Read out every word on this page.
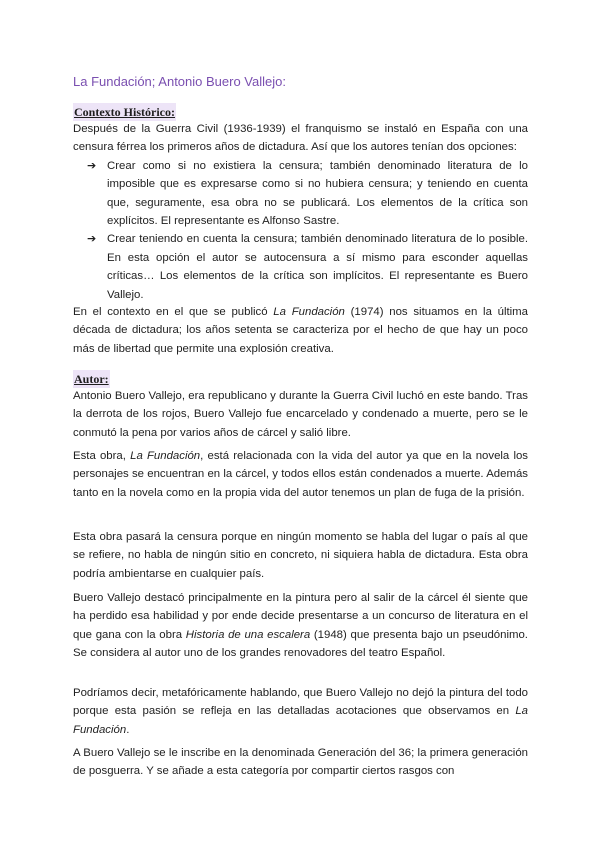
La Fundación; Antonio Buero Vallejo:
Contexto Histórico:

Después de la Guerra Civil (1936-1939) el franquismo se instaló en España con una censura férrea los primeros años de dictadura. Así que los autores tenían dos opciones:

➔ Crear como si no existiera la censura; también denominado literatura de lo imposible que es expresarse como si no hubiera censura; y teniendo en cuenta que, seguramente, esa obra no se publicará. Los elementos de la crítica son explícitos. El representante es Alfonso Sastre.
➔ Crear teniendo en cuenta la censura; también denominado literatura de lo posible. En esta opción el autor se autocensura a sí mismo para esconder aquellas críticas… Los elementos de la crítica son implícitos. El representante es Buero Vallejo.

En el contexto en el que se publicó La Fundación (1974) nos situamos en la última década de dictadura; los años setenta se caracteriza por el hecho de que hay un poco más de libertad que permite una explosión creativa.

Autor:

Antonio Buero Vallejo, era republicano y durante la Guerra Civil luchó en este bando. Tras la derrota de los rojos, Buero Vallejo fue encarcelado y condenado a muerte, pero se le conmutó la pena por varios años de cárcel y salió libre.

Esta obra, La Fundación, está relacionada con la vida del autor ya que en la novela los personajes se encuentran en la cárcel, y todos ellos están condenados a muerte. Además tanto en la novela como en la propia vida del autor tenemos un plan de fuga de la prisión.

Esta obra pasará la censura porque en ningún momento se habla del lugar o país al que se refiere, no habla de ningún sitio en concreto, ni siquiera habla de dictadura. Esta obra podría ambientarse en cualquier país.

Buero Vallejo destacó principalmente en la pintura pero al salir de la cárcel él siente que ha perdido esa habilidad y por ende decide presentarse a un concurso de literatura en el que gana con la obra Historia de una escalera (1948) que presenta bajo un pseudónimo. Se considera al autor uno de los grandes renovadores del teatro Español.

Podríamos decir, metafóricamente hablando, que Buero Vallejo no dejó la pintura del todo porque esta pasión se refleja en las detalladas acotaciones que observamos en La Fundación.

A Buero Vallejo se le inscribe en la denominada Generación del 36; la primera generación de posguerra. Y se añade a esta categoría por compartir ciertos rasgos con
